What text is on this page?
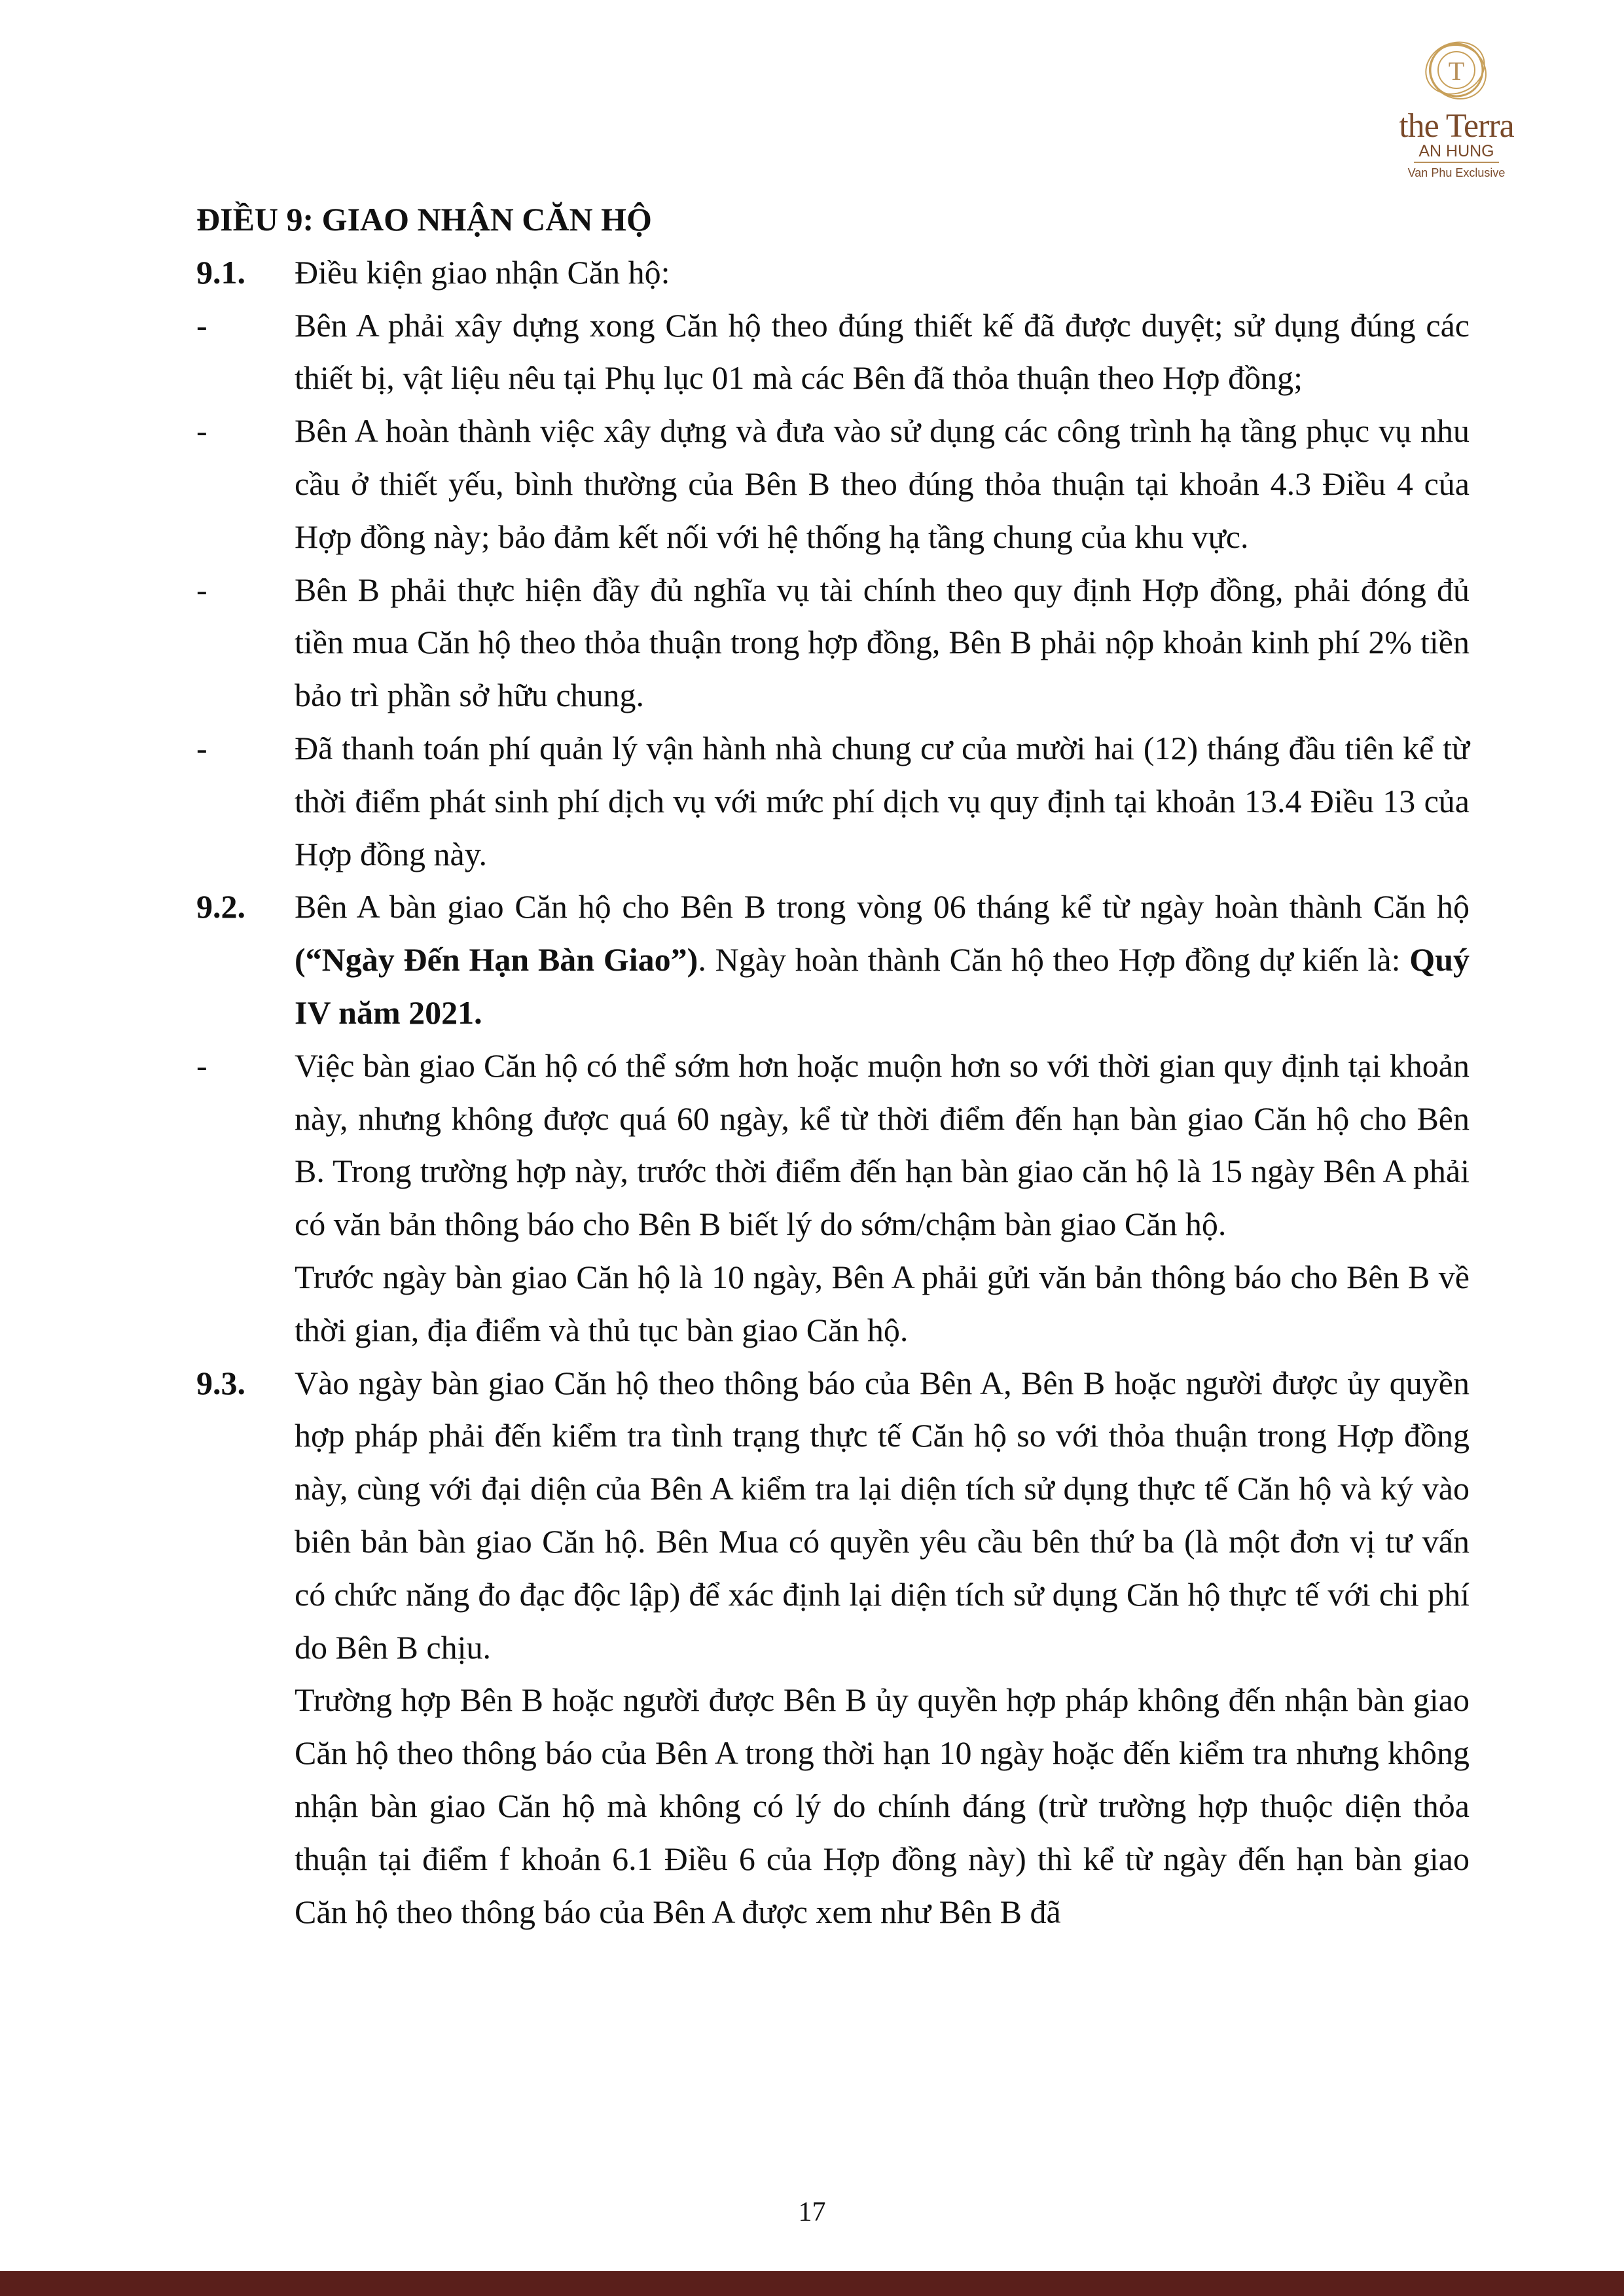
T
the Terra
AN HUNG
Van Phu Exclusive
ĐIỀU 9: GIAO NHẬN CĂN HỘ
9.1.	Điều kiện giao nhận Căn hộ:
-	Bên A phải xây dựng xong Căn hộ theo đúng thiết kế đã được duyệt; sử dụng đúng các thiết bị, vật liệu nêu tại Phụ lục 01 mà các Bên đã thỏa thuận theo Hợp đồng;
-	Bên A hoàn thành việc xây dựng và đưa vào sử dụng các công trình hạ tầng phục vụ nhu cầu ở thiết yếu, bình thường của Bên B theo đúng thỏa thuận tại khoản 4.3 Điều 4 của Hợp đồng này; bảo đảm kết nối với hệ thống hạ tầng chung của khu vực.
-	Bên B phải thực hiện đầy đủ nghĩa vụ tài chính theo quy định Hợp đồng, phải đóng đủ tiền mua Căn hộ theo thỏa thuận trong hợp đồng, Bên B phải nộp khoản kinh phí 2% tiền bảo trì phần sở hữu chung.
-	Đã thanh toán phí quản lý vận hành nhà chung cư của mười hai (12) tháng đầu tiên kể từ thời điểm phát sinh phí dịch vụ với mức phí dịch vụ quy định tại khoản 13.4 Điều 13 của Hợp đồng này.
9.2.	Bên A bàn giao Căn hộ cho Bên B trong vòng 06 tháng kể từ ngày hoàn thành Căn hộ (“Ngày Đến Hạn Bàn Giao”). Ngày hoàn thành Căn hộ theo Hợp đồng dự kiến là: Quý IV năm 2021.
-	Việc bàn giao Căn hộ có thể sớm hơn hoặc muộn hơn so với thời gian quy định tại khoản này, nhưng không được quá 60 ngày, kể từ thời điểm đến hạn bàn giao Căn hộ cho Bên B. Trong trường hợp này, trước thời điểm đến hạn bàn giao căn hộ là 15 ngày Bên A phải có văn bản thông báo cho Bên B biết lý do sớm/chậm bàn giao Căn hộ.
Trước ngày bàn giao Căn hộ là 10 ngày, Bên A phải gửi văn bản thông báo cho Bên B về thời gian, địa điểm và thủ tục bàn giao Căn hộ.
9.3.	Vào ngày bàn giao Căn hộ theo thông báo của Bên A, Bên B hoặc người được ủy quyền hợp pháp phải đến kiểm tra tình trạng thực tế Căn hộ so với thỏa thuận trong Hợp đồng này, cùng với đại diện của Bên A kiểm tra lại diện tích sử dụng thực tế Căn hộ và ký vào biên bản bàn giao Căn hộ. Bên Mua có quyền yêu cầu bên thứ ba (là một đơn vị tư vấn có chức năng đo đạc độc lập) để xác định lại diện tích sử dụng Căn hộ thực tế với chi phí do Bên B chịu.
Trường hợp Bên B hoặc người được Bên B ủy quyền hợp pháp không đến nhận bàn giao Căn hộ theo thông báo của Bên A trong thời hạn 10 ngày hoặc đến kiểm tra nhưng không nhận bàn giao Căn hộ mà không có lý do chính đáng (trừ trường hợp thuộc diện thỏa thuận tại điểm f khoản 6.1 Điều 6 của Hợp đồng này) thì kể từ ngày đến hạn bàn giao Căn hộ theo thông báo của Bên A được xem như Bên B đã
17
